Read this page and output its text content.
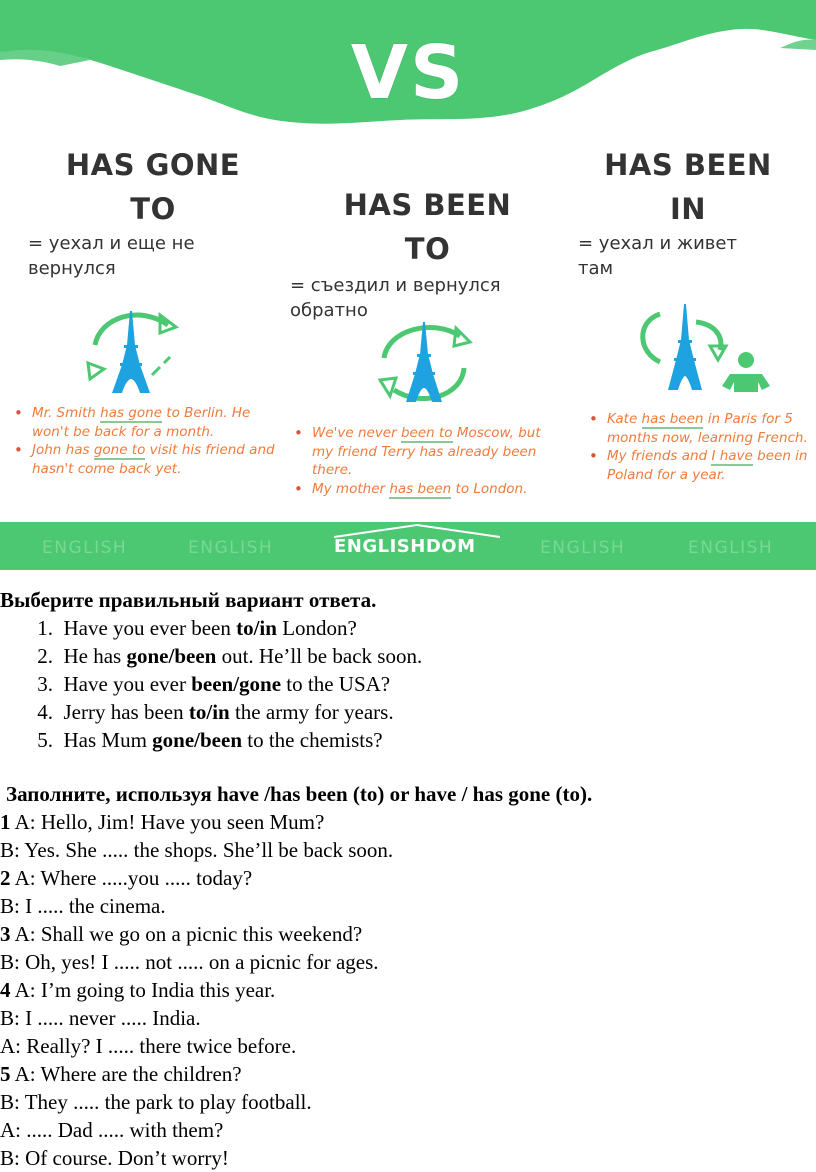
VS
HAS GONE
TO
= уехал и еще не
вернулся
HAS BEEN
TO
= съездил и вернулся
обратно
HAS BEEN
IN
= уехал и живет
там
• Mr. Smith has gone to Berlin. He won't be back for a month.
• John has gone to visit his friend and hasn't come back yet.
• We've never been to Moscow, but my friend Terry has already been there.
• My mother has been to London.
• Kate has been in Paris for 5 months now, learning French.
• My friends and I have been in Poland for a year.
ENGLISH	ENGLISH	ENGLISHDOM	ENGLISH	ENGLISH

Выберите правильный вариант ответа.

1. Have you ever been to/in London?
2. He has gone/been out. He’ll be back soon.
3. Have you ever been/gone to the USA?
4. Jerry has been to/in the army for years.
5. Has Mum gone/been to the chemists?

Заполните, используя have /has been (to) or have / has gone (to).

1 A: Hello, Jim! Have you seen Mum?

B: Yes. She ..... the shops. She’ll be back soon.

2 A: Where .....you ..... today?

B: I ..... the cinema.

3 A: Shall we go on a picnic this weekend?

B: Oh, yes! I ..... not ..... on a picnic for ages.

4 A: I’m going to India this year.

B: I ..... never ..... India.

A: Really? I ..... there twice before.

5 A: Where are the children?

B: They ..... the park to play football.

A: ..... Dad ..... with them?

B: Of course. Don’t worry!
